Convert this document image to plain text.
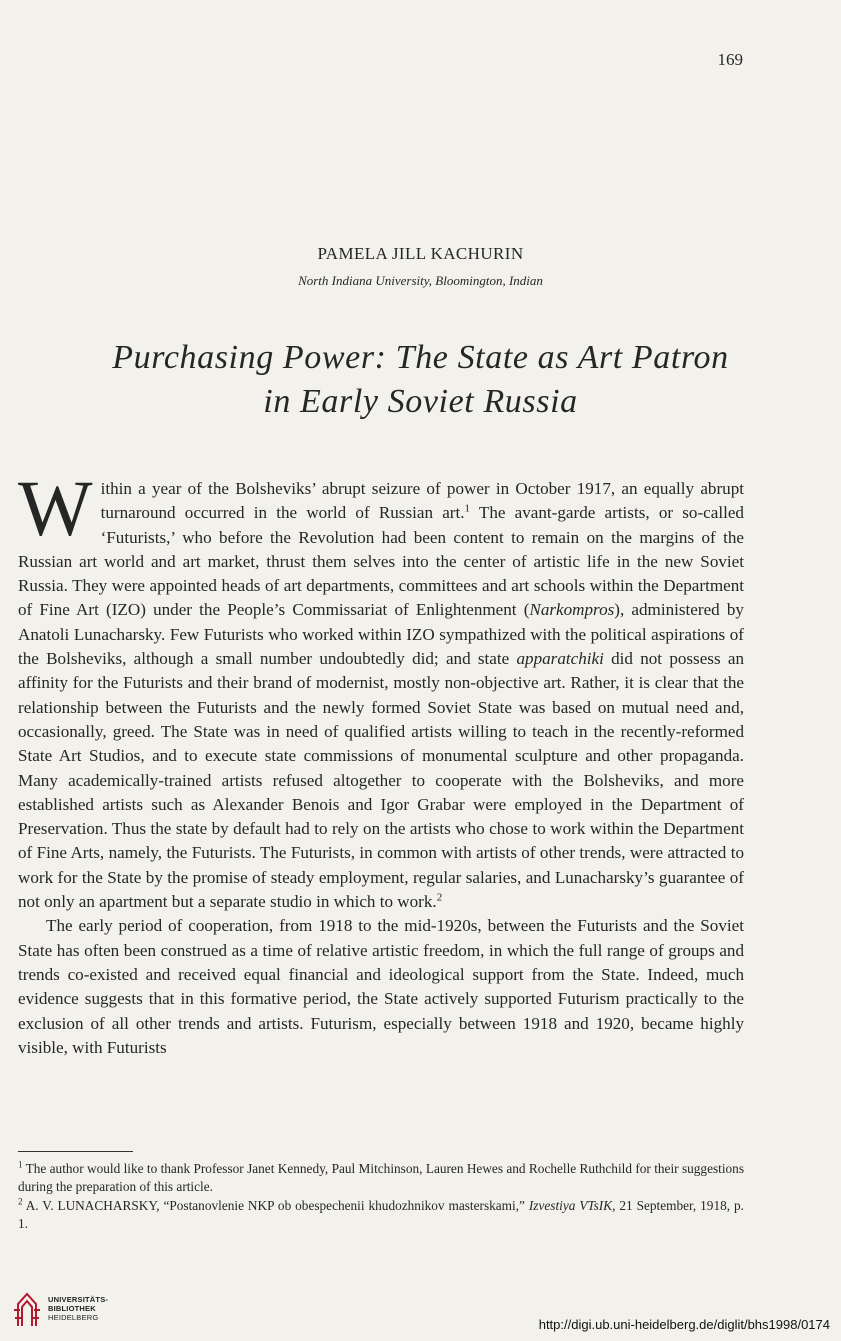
169
PAMELA JILL KACHURIN
North Indiana University, Bloomington, Indian
Purchasing Power: The State as Art Patron
in Early Soviet Russia

Within a year of the Bolsheviks’ abrupt seizure of power in October 1917, an equally abrupt turnaround occurred in the world of Russian art.$^1$ The avant-garde artists, or so-called ‘Futurists,’ who before the Revolution had been content to remain on the margins of the Russian art world and art market, thrust them selves into the center of artistic life in the new Soviet Russia. They were appointed heads of art departments, committees and art schools within the Department of Fine Art (IZO) under the People’s Commissariat of Enlightenment (Narkompros), administered by Anatoli Lunacharsky. Few Futurists who worked within IZO sympathized with the political aspirations of the Bolsheviks, although a small number undoubtedly did; and state apparatchiki did not possess an affinity for the Futurists and their brand of modernist, mostly non-objective art. Rather, it is clear that the relationship between the Futurists and the newly formed Soviet State was based on mutual need and, occasionally, greed. The State was in need of qualified artists willing to teach in the recently-reformed State Art Studios, and to execute state commissions of monumental sculpture and other propaganda. Many academically-trained artists refused altogether to cooperate with the Bolsheviks, and more established artists such as Alexander Benois and Igor Grabar were employed in the Department of Preservation. Thus the state by default had to rely on the artists who chose to work within the Department of Fine Arts, namely, the Futurists. The Futurists, in common with artists of other trends, were attracted to work for the State by the promise of steady employment, regular salaries, and Lunacharsky’s guarantee of not only an apartment but a separate studio in which to work.$^2$

The early period of cooperation, from 1918 to the mid-1920s, between the Futurists and the Soviet State has often been construed as a time of relative artistic freedom, in which the full range of groups and trends co-existed and received equal financial and ideological support from the State. Indeed, much evidence suggests that in this formative period, the State actively supported Futurism practically to the exclusion of all other trends and artists. Futurism, especially between 1918 and 1920, became highly visible, with Futurists

$^1$ The author would like to thank Professor Janet Kennedy, Paul Mitchinson, Lauren Hewes and Rochelle Ruthchild for their suggestions during the preparation of this article.

$^2$ A. V. LUNACHARSKY, “Postanovlenie NKP ob obespechenii khudozhnikov masterskami,” Izvestiya VTsIK, 21 September, 1918, p. 1.

UNIVERSITÄTS-
BIBLIOTHEK
HEIDELBERG	http://digi.ub.uni-heidelberg.de/diglit/bhs1998/0174
